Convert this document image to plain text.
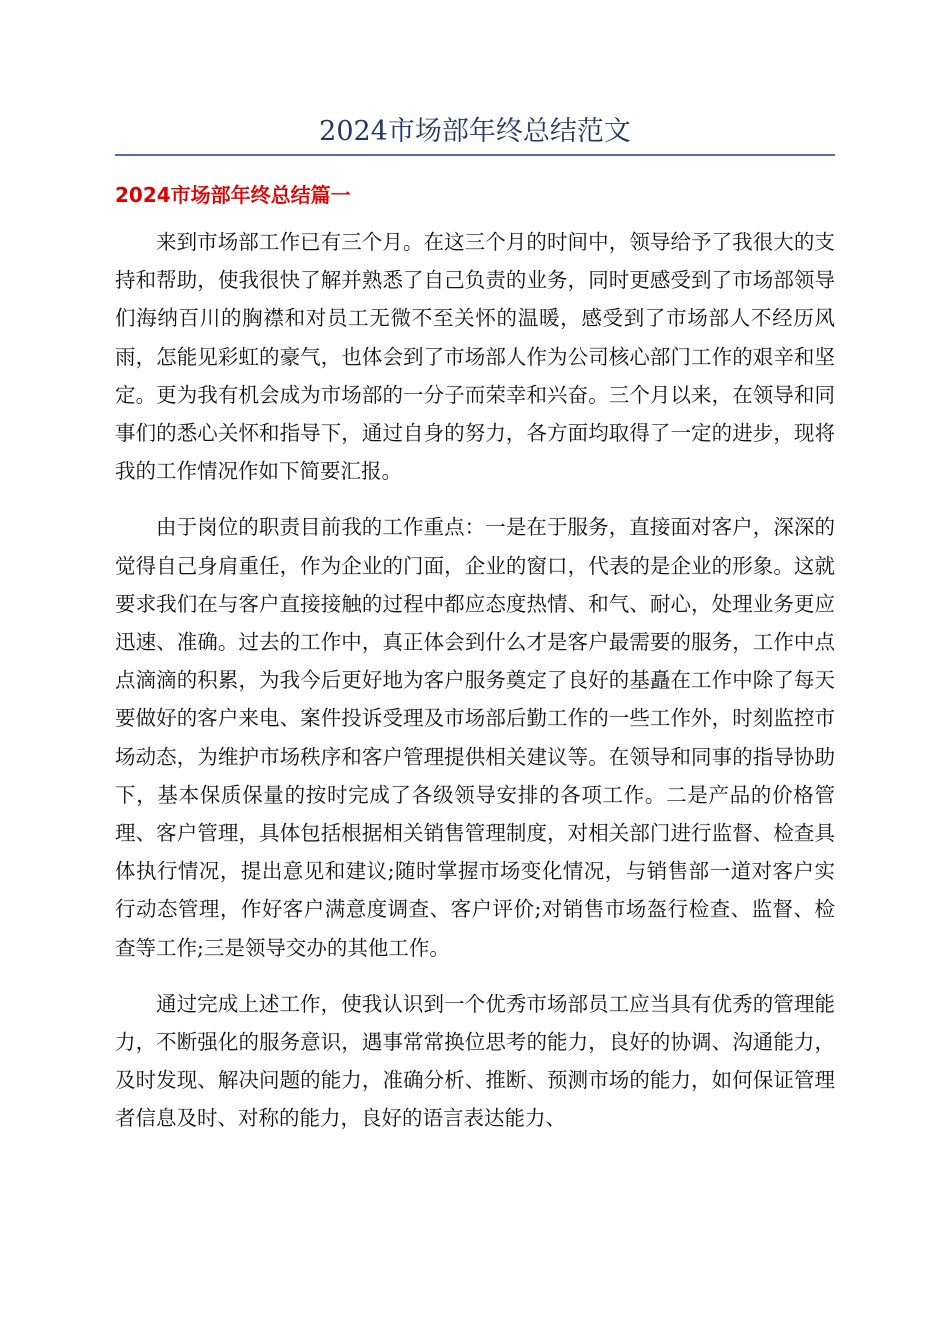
2024市场部年终总结范文
2024市场部年终总结篇一

来到市场部工作已有三个月。在这三个月的时间中，领导给予了我很大的支持和帮助，使我很快了解并熟悉了自己负责的业务，同时更感受到了市场部领导们海纳百川的胸襟和对员工无微不至关怀的温暖，感受到了市场部人不经历风雨，怎能见彩虹的豪气，也体会到了市场部人作为公司核心部门工作的艰辛和坚定。更为我有机会成为市场部的一分子而荣幸和兴奋。三个月以来，在领导和同事们的悉心关怀和指导下，通过自身的努力，各方面均取得了一定的进步，现将我的工作情况作如下简要汇报。

由于岗位的职责目前我的工作重点：一是在于服务，直接面对客户，深深的觉得自己身肩重任，作为企业的门面，企业的窗口，代表的是企业的形象。这就要求我们在与客户直接接触的过程中都应态度热情、和气、耐心，处理业务更应迅速、准确。过去的工作中，真正体会到什么才是客户最需要的服务，工作中点点滴滴的积累，为我今后更好地为客户服务奠定了良好的基矗在工作中除了每天要做好的客户来电、案件投诉受理及市场部后勤工作的一些工作外，时刻监控市场动态，为维护市场秩序和客户管理提供相关建议等。在领导和同事的指导协助下，基本保质保量的按时完成了各级领导安排的各项工作。二是产品的价格管理、客户管理，具体包括根据相关销售管理制度，对相关部门进行监督、检查具体执行情况，提出意见和建议;随时掌握市场变化情况，与销售部一道对客户实行动态管理，作好客户满意度调查、客户评价;对销售市场盔行检查、监督、检查等工作;三是领导交办的其他工作。

通过完成上述工作，使我认识到一个优秀市场部员工应当具有优秀的管理能力，不断强化的服务意识，遇事常常换位思考的能力，良好的协调、沟通能力，及时发现、解决问题的能力，准确分析、推断、预测市场的能力，如何保证管理者信息及时、对称的能力，良好的语言表达能力、
